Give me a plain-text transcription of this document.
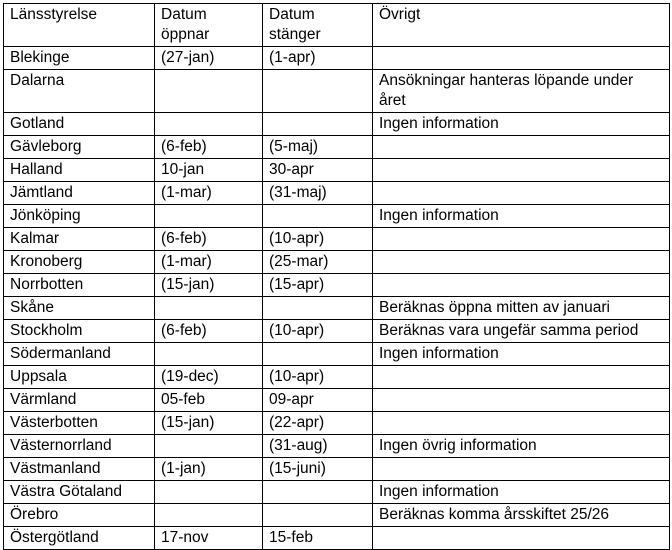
Länsstyrelse	Datum öppnar	Datum stänger	Övrigt
Blekinge	(27-jan)	(1-apr)	
Dalarna			Ansökningar hanteras löpande under året
Gotland			Ingen information
Gävleborg	(6-feb)	(5-maj)	
Halland	10-jan	30-apr	
Jämtland	(1-mar)	(31-maj)	
Jönköping			Ingen information
Kalmar	(6-feb)	(10-apr)	
Kronoberg	(1-mar)	(25-mar)	
Norrbotten	(15-jan)	(15-apr)	
Skåne			Beräknas öppna mitten av januari
Stockholm	(6-feb)	(10-apr)	Beräknas vara ungefär samma period
Södermanland			Ingen information
Uppsala	(19-dec)	(10-apr)	
Värmland	05-feb	09-apr	
Västerbotten	(15-jan)	(22-apr)	
Västernorrland		(31-aug)	Ingen övrig information
Västmanland	(1-jan)	(15-juni)	
Västra Götaland			Ingen information
Örebro			Beräknas komma årsskiftet 25/26
Östergötland	17-nov	15-feb	
